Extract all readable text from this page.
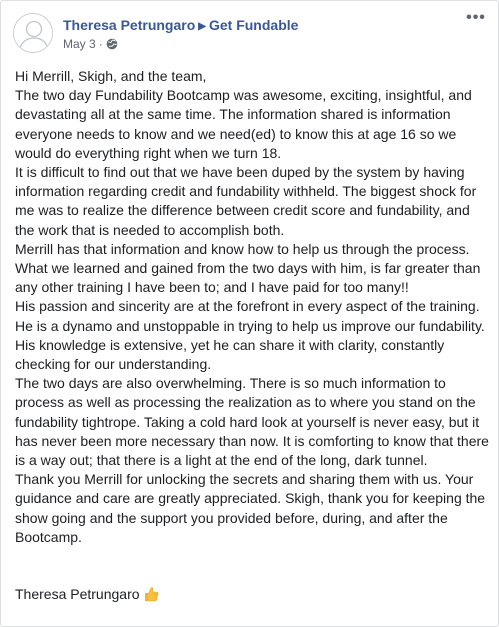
Theresa Petrungaro ▶ Get Fundable
May 3 ·
•••

Hi Merrill, Skigh, and the team,

The two day Fundability Bootcamp was awesome, exciting, insightful, and devastating all at the same time. The information shared is information everyone needs to know and we need(ed) to know this at age 16 so we would do everything right when we turn 18.

It is difficult to find out that we have been duped by the system by having information regarding credit and fundability withheld. The biggest shock for me was to realize the difference between credit score and fundability, and the work that is needed to accomplish both.

Merrill has that information and know how to help us through the process. What we learned and gained from the two days with him, is far greater than any other training I have been to; and I have paid for too many!!

His passion and sincerity are at the forefront in every aspect of the training. He is a dynamo and unstoppable in trying to help us improve our fundability. His knowledge is extensive, yet he can share it with clarity, constantly checking for our understanding.

The two days are also overwhelming. There is so much information to process as well as processing the realization as to where you stand on the fundability tightrope. Taking a cold hard look at yourself is never easy, but it has never been more necessary than now. It is comforting to know that there is a way out; that there is a light at the end of the long, dark tunnel.

Thank you Merrill for unlocking the secrets and sharing them with us. Your guidance and care are greatly appreciated. Skigh, thank you for keeping the show going and the support you provided before, during, and after the Bootcamp.

Theresa Petrungaro
